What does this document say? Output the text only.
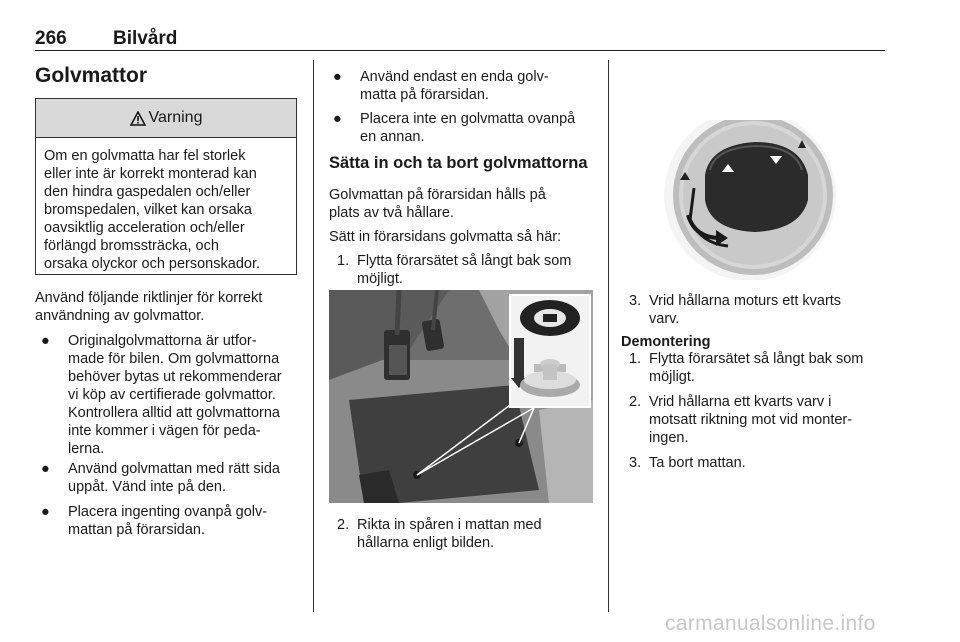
266 Bilvård
Golvmattor
Varning
Om en golvmatta har fel storlek
eller inte är korrekt monterad kan
den hindra gaspedalen och/eller
bromspedalen, vilket kan orsaka
oavsiktlig acceleration och/eller
förlängd bromssträcka, och
orsaka olyckor och personskador.
Använd följande riktlinjer för korrekt
användning av golvmattor.
● Originalgolvmattorna är utfor-
made för bilen. Om golvmattorna
behöver bytas ut rekommenderar
vi köp av certifierade golvmattor.
Kontrollera alltid att golvmattorna
inte kommer i vägen för peda-
lerna.
● Använd golvmattan med rätt sida
uppåt. Vänd inte på den.
● Placera ingenting ovanpå golv-
mattan på förarsidan.
● Använd endast en enda golv-
matta på förarsidan.
● Placera inte en golvmatta ovanpå
en annan.
Sätta in och ta bort golvmattorna
Golvmattan på förarsidan hålls på
plats av två hållare.
Sätt in förarsidans golvmatta så här:
1. Flytta förarsätet så långt bak som
möjligt.
2. Rikta in spåren i mattan med
hållarna enligt bilden.
3. Vrid hållarna moturs ett kvarts
varv.
Demontering
1. Flytta förarsätet så långt bak som
möjligt.
2. Vrid hållarna ett kvarts varv i
motsatt riktning mot vid monter-
ingen.
3. Ta bort mattan.
carmanualsonline.info
